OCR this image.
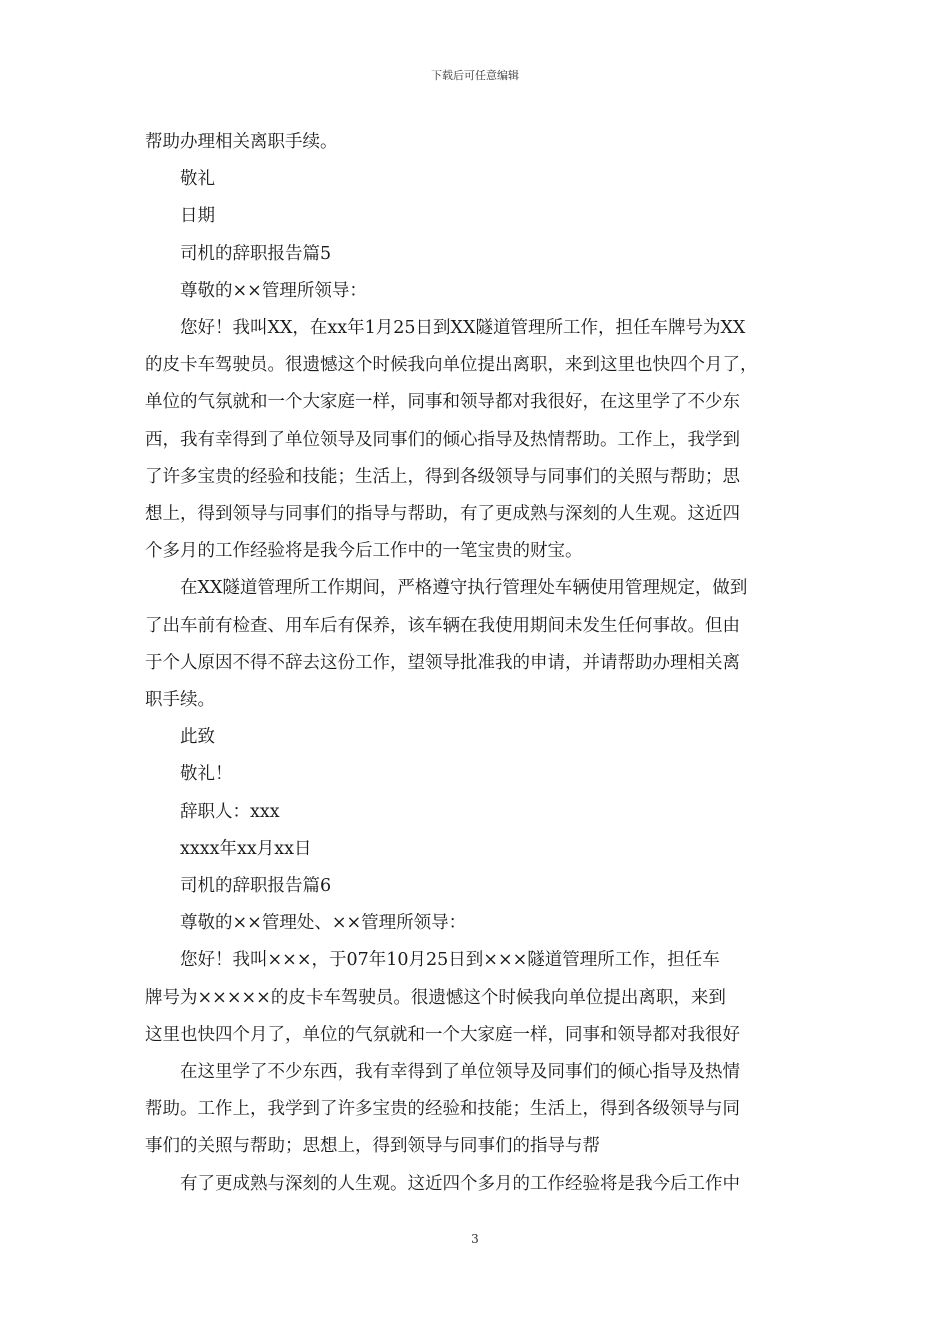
下载后可任意编辑
帮助办理相关离职手续。
敬礼
日期
司机的辞职报告篇5
尊敬的××管理所领导：
您好！我叫XX，在xx年1月25日到XX隧道管理所工作，担任车牌号为XX
的皮卡车驾驶员。很遗憾这个时候我向单位提出离职，来到这里也快四个月了，
单位的气氛就和一个大家庭一样，同事和领导都对我很好，在这里学了不少东
西，我有幸得到了单位领导及同事们的倾心指导及热情帮助。工作上，我学到
了许多宝贵的经验和技能；生活上，得到各级领导与同事们的关照与帮助；思
想上，得到领导与同事们的指导与帮助，有了更成熟与深刻的人生观。这近四
个多月的工作经验将是我今后工作中的一笔宝贵的财宝。
在XX隧道管理所工作期间，严格遵守执行管理处车辆使用管理规定，做到
了出车前有检查、用车后有保养，该车辆在我使用期间未发生任何事故。但由
于个人原因不得不辞去这份工作，望领导批准我的申请，并请帮助办理相关离
职手续。
此致
敬礼！
辞职人：xxx
xxxx年xx月xx日
司机的辞职报告篇6
尊敬的××管理处、××管理所领导：
您好！我叫×××，于07年10月25日到×××隧道管理所工作，担任车
牌号为×××××的皮卡车驾驶员。很遗憾这个时候我向单位提出离职，来到
这里也快四个月了，单位的气氛就和一个大家庭一样，同事和领导都对我很好
在这里学了不少东西，我有幸得到了单位领导及同事们的倾心指导及热情
帮助。工作上，我学到了许多宝贵的经验和技能；生活上，得到各级领导与同
事们的关照与帮助；思想上，得到领导与同事们的指导与帮
有了更成熟与深刻的人生观。这近四个多月的工作经验将是我今后工作中
3
